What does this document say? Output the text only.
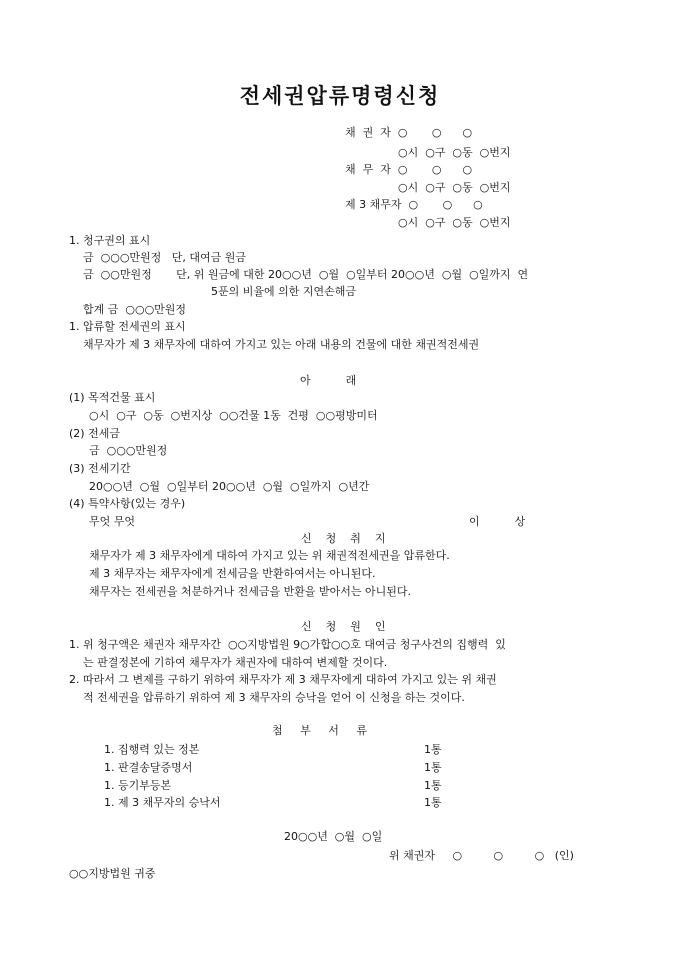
전세권압류명령신청
채  권  자  ○       ○      ○
○시  ○구  ○동  ○번지
채  무  자  ○       ○      ○
○시  ○구  ○동  ○번지
제 3 채무자  ○       ○      ○
○시  ○구  ○동  ○번지
1. 청구권의 표시
금  ○○○만원정   단, 대여금 원금
금  ○○만원정       단, 위 원금에 대한 20○○년  ○월  ○일부터 20○○년  ○월  ○일까지  연
5푼의 비율에 의한 지연손해금
합계 금  ○○○만원정
1. 압류할 전세권의 표시
채무자가 제 3 채무자에 대하여 가지고 있는 아래 내용의 건물에 대한 채권적전세권
아          래
(1) 목적건물 표시
○시  ○구  ○동  ○번지상  ○○건물 1동  건평  ○○평방미터
(2) 전세금
금  ○○○만원정
(3) 전세기간
20○○년  ○월  ○일부터 20○○년  ○월  ○일까지  ○년간
(4) 특약사항(있는 경우)
무엇 무엇	이          상
신    청    취    지
채무자가 제 3 채무자에게 대하여 가지고 있는 위 채권적전세권을 압류한다.
제 3 채무자는 채무자에게 전세금을 반환하여서는 아니된다.
채무자는 전세권을 처분하거나 전세금을 반환을 받아서는 아니된다.
신    청    원    인
1. 위 청구액은 채권자 채무자간  ○○지방법원 9○가합○○호 대여금 청구사건의 집행력  있
는 판결정본에 기하여 채무자가 채권자에 대하여 변제할 것이다.
2. 따라서 그 변제를 구하기 위하여 채무자가 제 3 채무자에게 대하여 가지고 있는 위 채권
적 전세권을 압류하기 위하여 제 3 채무자의 승낙을 얻어 이 신청을 하는 것이다.
첨     부     서     류
1. 집행력 있는 정본	1통
1. 판결송달증명서	1통
1. 등기부등본	1통
1. 제 3 채무자의 승낙서	1통
20○○년  ○월  ○일
위 채권자     ○         ○         ○   (인)
○○지방법원 귀중
